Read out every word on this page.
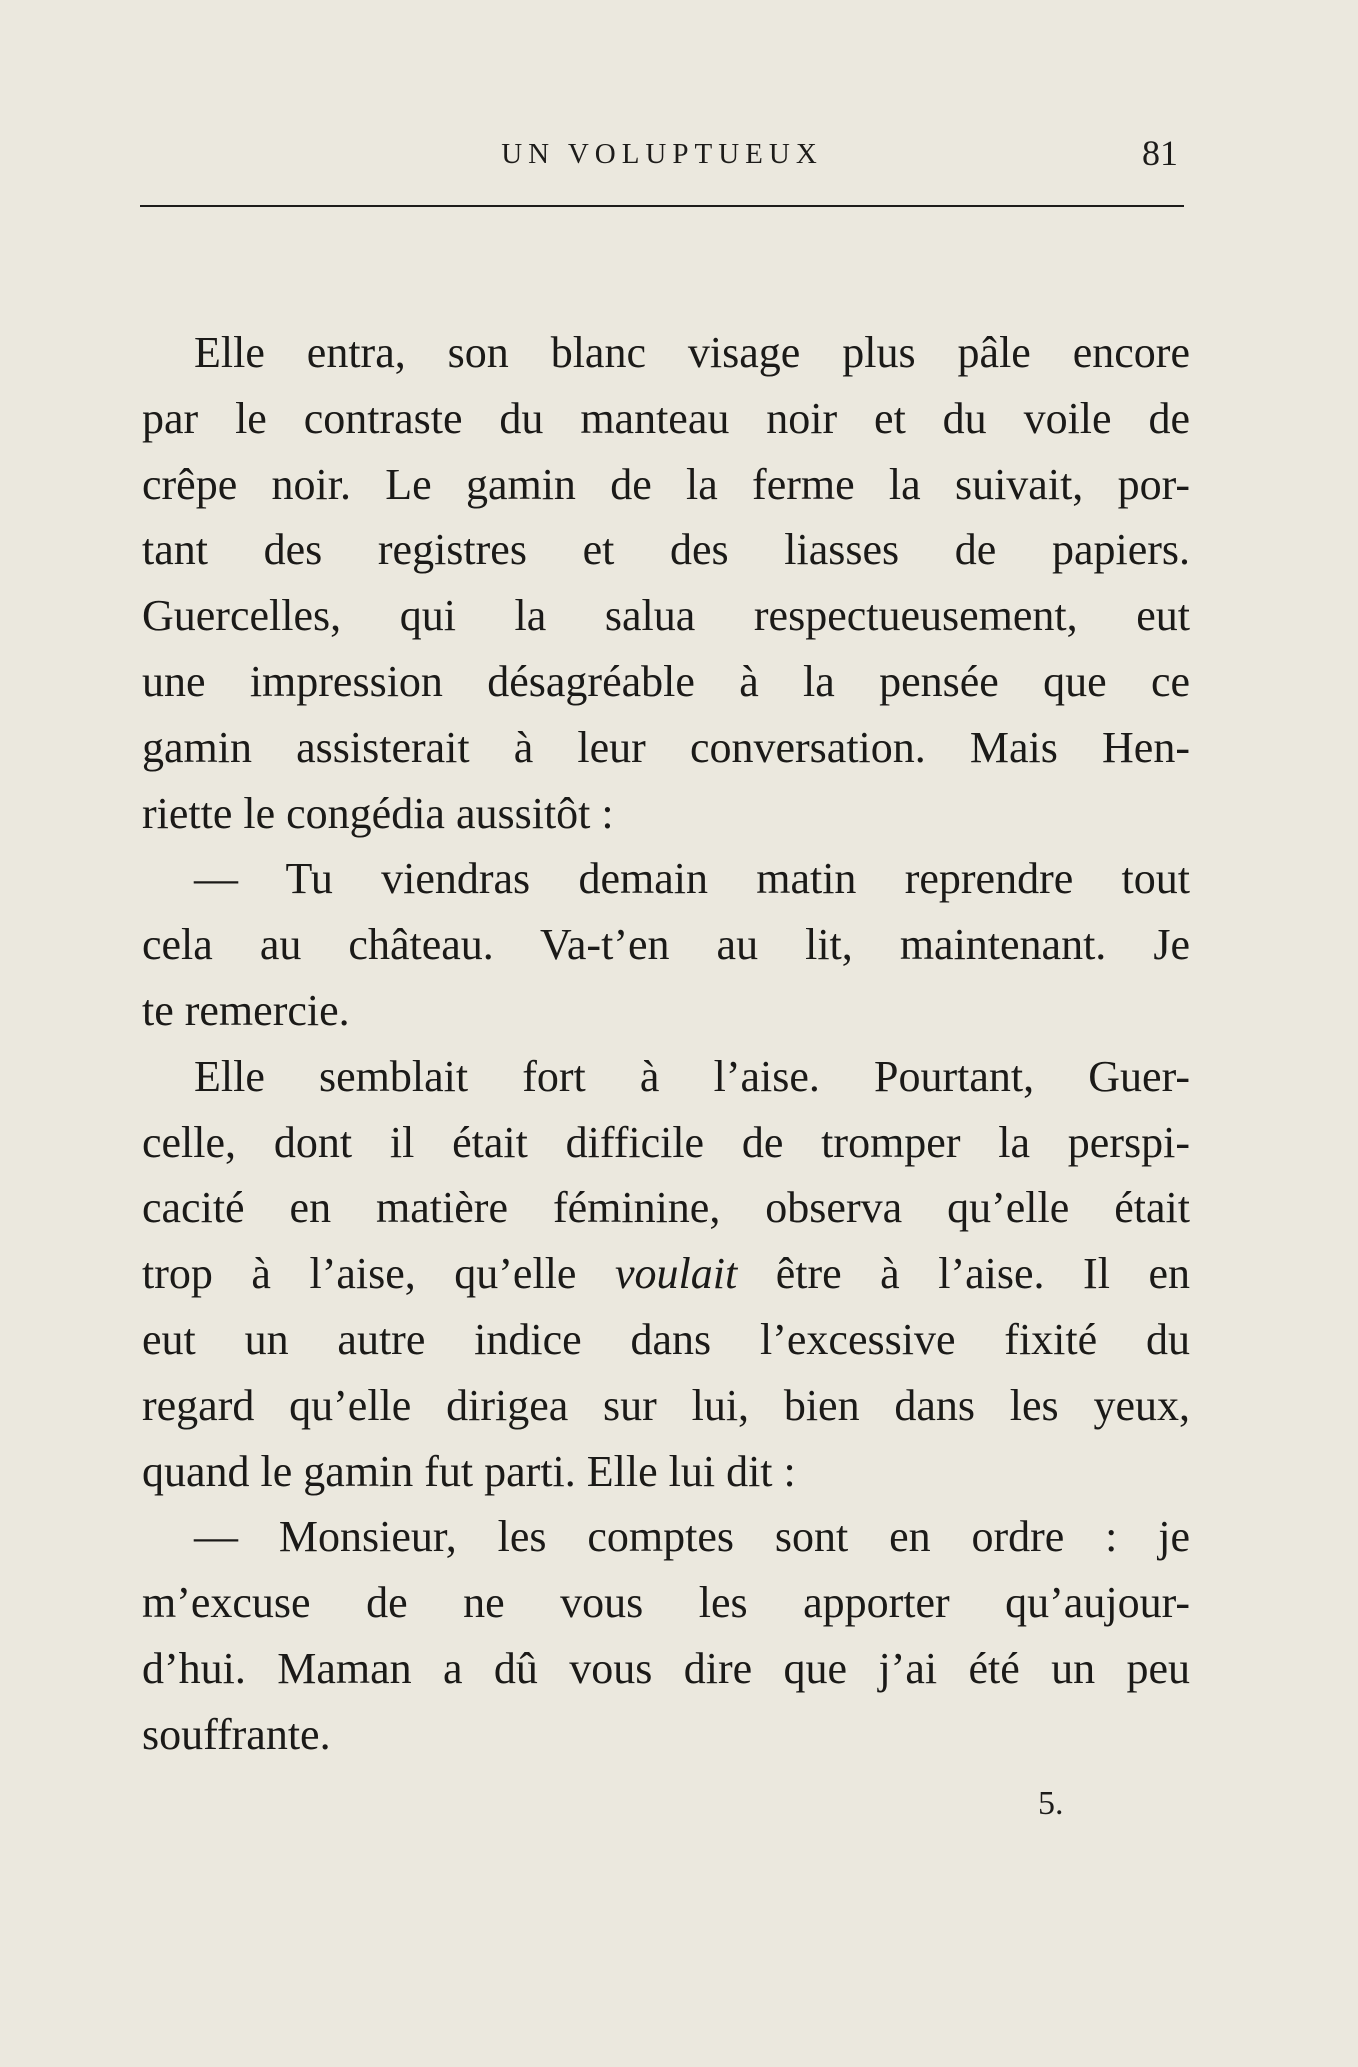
UN VOLUPTUEUX	81
Elle entra, son blanc visage plus pâle encore
par le contraste du manteau noir et du voile de
crêpe noir. Le gamin de la ferme la suivait, por-
tant des registres et des liasses de papiers.
Guercelles, qui la salua respectueusement, eut
une impression désagréable à la pensée que ce
gamin assisterait à leur conversation. Mais Hen-
riette le congédia aussitôt :
— Tu viendras demain matin reprendre tout
cela au château. Va-t’en au lit, maintenant. Je
te remercie.
Elle semblait fort à l’aise. Pourtant, Guer-
celle, dont il était difficile de tromper la perspi-
cacité en matière féminine, observa qu’elle était
trop à l’aise, qu’elle voulait être à l’aise. Il en
eut un autre indice dans l’excessive fixité du
regard qu’elle dirigea sur lui, bien dans les yeux,
quand le gamin fut parti. Elle lui dit :
— Monsieur, les comptes sont en ordre : je
m’excuse de ne vous les apporter qu’aujour-
d’hui. Maman a dû vous dire que j’ai été un peu
souffrante.
5.
